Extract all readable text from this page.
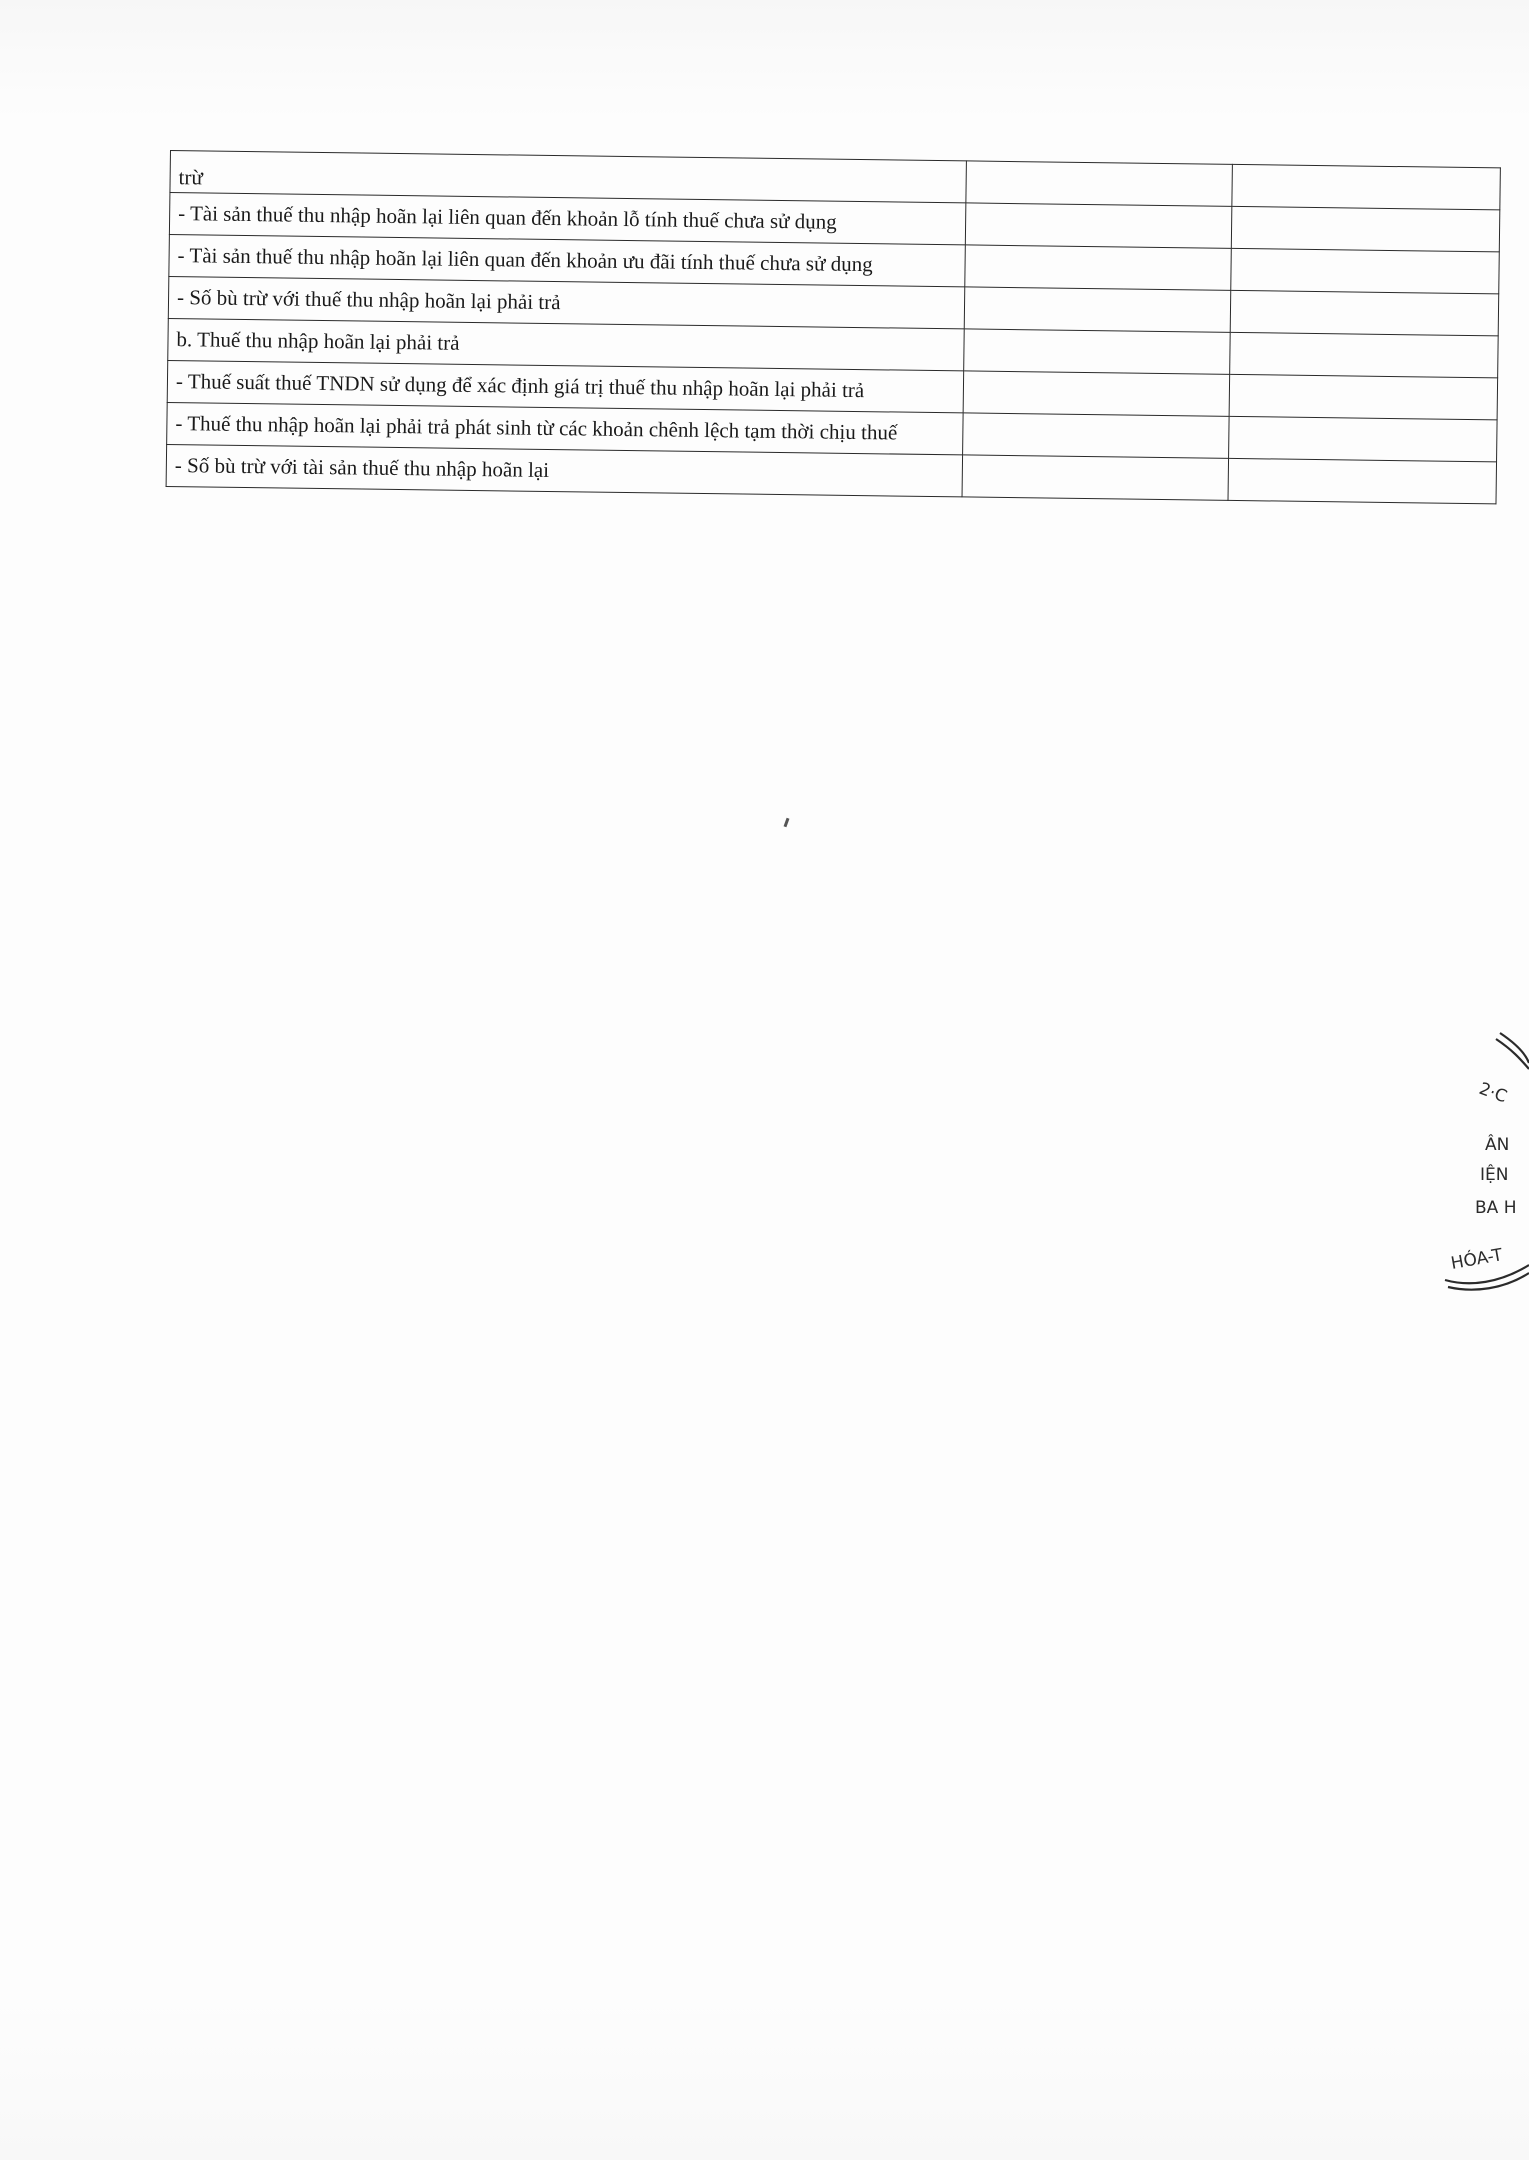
trừ		
- Tài sản thuế thu nhập hoãn lại liên quan đến khoản lỗ tính thuế chưa sử dụng		
- Tài sản thuế thu nhập hoãn lại liên quan đến khoản ưu đãi tính thuế chưa sử dụng		
- Số bù trừ với thuế thu nhập hoãn lại phải trả		
b. Thuế thu nhập hoãn lại phải trả		
- Thuế suất thuế TNDN sử dụng để xác định giá trị thuế thu nhập hoãn lại phải trả		
- Thuế thu nhập hoãn lại phải trả phát sinh từ các khoản chênh lệch tạm thời chịu thuế		
- Số bù trừ với tài sản thuế thu nhập hoãn lại		
2·C
ÂN
IỆN
BA H
HÓA-T
